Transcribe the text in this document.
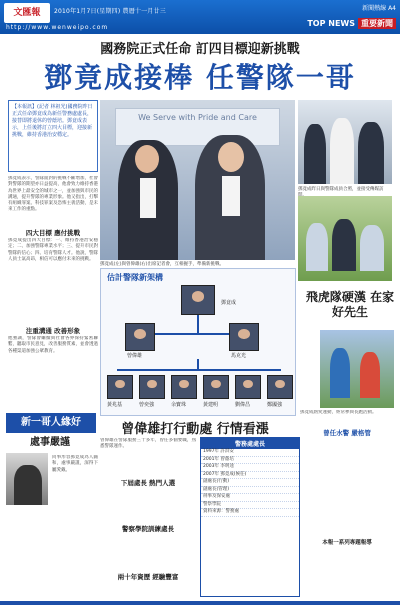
文匯報	2010年1月7日(星期四) 農曆十一月廿三
http://www.wenweipo.com
新聞熱線 A4
TOP NEWS 重要新聞
國務院正式任命 訂四目標迎新挑戰
鄧竟成接棒 任警隊一哥
【本報訊】(記者 林祖光)國務院昨日正式任命鄧竟成為新任警務處處長，接替即將退休的曾蔭培。鄧竟成表示，上任後將訂立四大目標，迎接新挑戰，維持香港治安穩定。
We Serve with Pride and Care
鄧竟成(左)與曾偉雄(右)出席記者會，互相握手，準備新挑戰。
鄧竟成昨日與警隊成員合照，並接受傳媒訪
鄧竟成表示，警隊面對的挑戰不斷增加，社會對警隊的期望亦日益提高，他會致力維持香港為世界上最安全的城市之一，並加強與市民的溝通，提升警隊的專業形象。他又指出，打擊有組織罪案、科技罪案及恐怖主義活動，是未來工作的重點。
四大目標 應付挑戰
鄧竟成提出四大目標：一、維持香港治安穩定；二、加強警隊專業水平；三、提升市民對警隊的信心；四、培育警隊人才。他說，警隊人員士氣高昂，相信可以應付未來的挑戰。
注重溝通 改善形象
他強調，警隊會繼續與社會各界保持緊密聯繫，聽取市民意見，改善服務質素，並會透過各種渠道加強公眾教育。
估計警隊新架構
鄧竟成
曾偉雄	馬克光
黃兆基	曾奕強	余寶珠	黃建明	劉偉昌	鄭國強
飛虎隊硬漢 在家好先生
鄧竟成熱愛運動，經常參與長跑活動。
曾任水警 嚴格管
本報一系列專題報導
新一哥人緣好
處事嚴謹
同事形容鄧竟成為人隨和，處事嚴謹，深得下屬愛戴。
曾偉雄打行動處 行情看漲
下屆處長 熱門人選
曾偉雄在警隊服務三十多年，曾任多個要職，熟悉警隊運作。
警察學院訓練處長
兩十年資歷 經驗豐富
警務處處長
1997年 許淇安
2001年 曾蔭培
2003年 李明逵
2007年 鄧竟成(候任)
副處長(行動)
副處長(管理)
刑事及保安處
警察學院
資料來源：警務處
